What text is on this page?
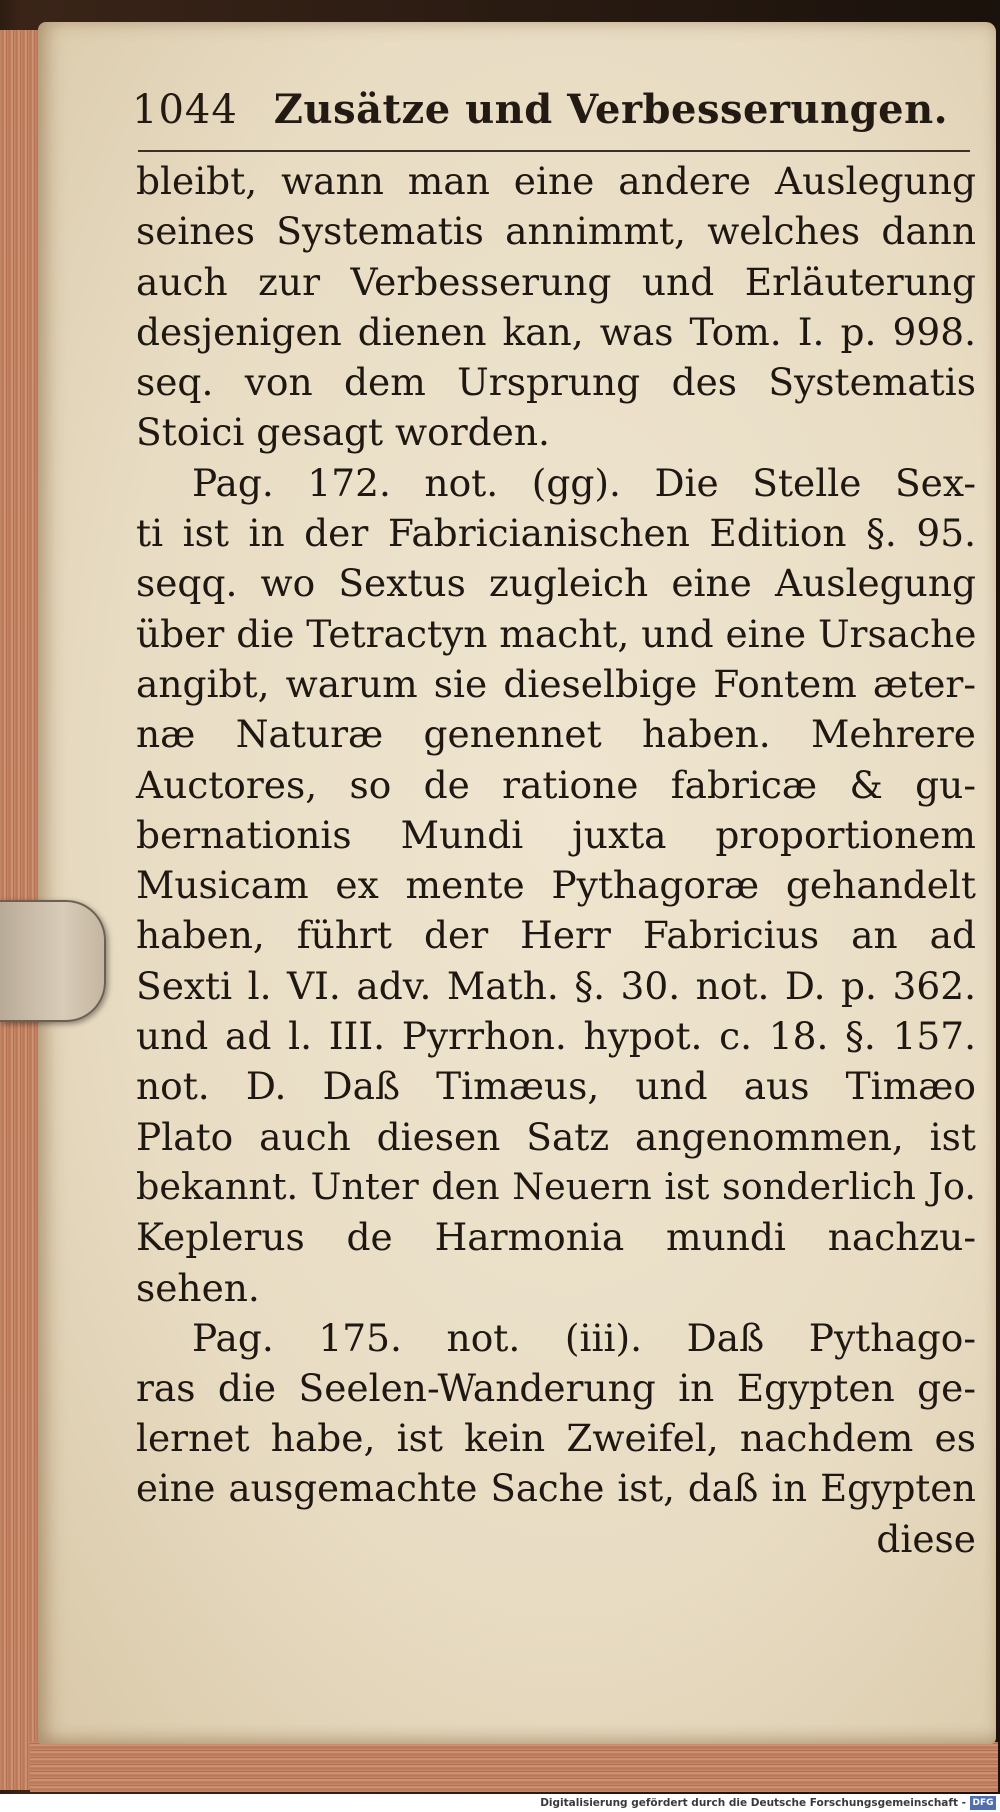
1044 Zusätze und Verbesserungen.
bleibt, wann man eine andere Auslegung
seines Systematis annimmt, welches dann
auch zur Verbesserung und Erläuterung
desjenigen dienen kan, was Tom. I. p. 998.
seq. von dem Ursprung des Systematis
Stoici gesagt worden.
Pag. 172. not. (gg). Die Stelle Sex-
ti ist in der Fabricianischen Edition §. 95.
seqq. wo Sextus zugleich eine Auslegung
über die Tetractyn macht, und eine Ursache
angibt, warum sie dieselbige Fontem æter-
næ Naturæ genennet haben. Mehrere
Auctores, so de ratione fabricæ & gu-
bernationis Mundi juxta proportionem
Musicam ex mente Pythagoræ gehandelt
haben, führt der Herr Fabricius an ad
Sexti l. VI. adv. Math. §. 30. not. D. p. 362.
und ad l. III. Pyrrhon. hypot. c. 18. §. 157.
not. D. Daß Timæus, und aus Timæo
Plato auch diesen Satz angenommen, ist
bekannt. Unter den Neuern ist sonderlich Jo.
Keplerus de Harmonia mundi nachzu-
sehen.
Pag. 175. not. (iii). Daß Pythago-
ras die Seelen-Wanderung in Egypten ge-
lernet habe, ist kein Zweifel, nachdem es
eine ausgemachte Sache ist, daß in Egypten
diese
Digitalisierung gefördert durch die Deutsche Forschungsgemeinschaft - DFG
